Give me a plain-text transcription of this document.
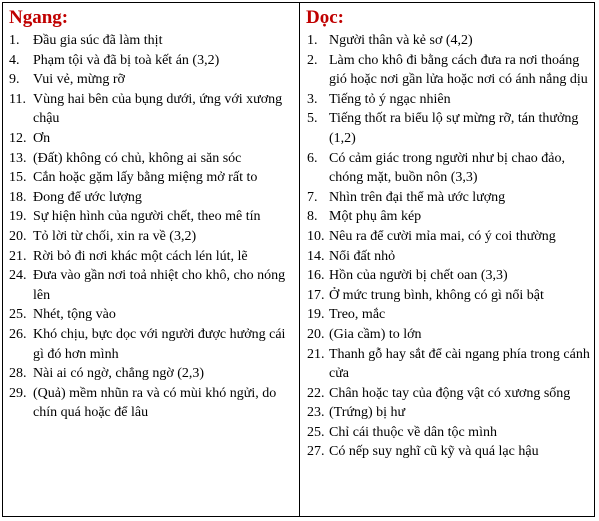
Ngang:
1. Đầu gia súc đã làm thịt
4. Phạm tội và đã bị toà kết án (3,2)
9. Vui vẻ, mừng rỡ
11. Vùng hai bên của bụng dưới, ứng với xương chậu
12. Ơn
13. (Đất) không có chủ, không ai săn sóc
15. Cắn hoặc gặm lấy bằng miệng mở rất to
18. Đong để ước lượng
19. Sự hiện hình của người chết, theo mê tín
20. Tỏ lời từ chối, xin ra về (3,2)
21. Rời bỏ đi nơi khác một cách lén lút, lẽ
24. Đưa vào gần nơi toả nhiệt cho khô, cho nóng lên
25. Nhét, tộng vào
26. Khó chịu, bực dọc với người được hưởng cái gì đó hơn mình
28. Nài ai có ngờ, chẳng ngờ (2,3)
29. (Quả) mềm nhũn ra và có mùi khó ngửi, do chín quá hoặc để lâu
Dọc:
1. Người thân và kẻ sơ (4,2)
2. Làm cho khô đi bằng cách đưa ra nơi thoáng gió hoặc nơi gần lửa hoặc nơi có ánh nắng dịu
3. Tiếng tỏ ý ngạc nhiên
5. Tiếng thốt ra biểu lộ sự mừng rỡ, tán thưởng (1,2)
6. Có cảm giác trong người như bị chao đảo, chóng mặt, buồn nôn (3,3)
7. Nhìn trên đại thể mà ước lượng
8. Một phụ âm kép
10. Nêu ra để cười mỉa mai, có ý coi thường
14. Nổi đất nhỏ
16. Hồn của người bị chết oan (3,3)
17. Ở mức trung bình, không có gì nổi bật
19. Treo, mắc
20. (Gia cầm) to lớn
21. Thanh gỗ hay sắt để cài ngang phía trong cánh cửa
22. Chân hoặc tay của động vật có xương sống
23. (Trứng) bị hư
25. Chỉ cái thuộc về dân tộc mình
27. Có nếp suy nghĩ cũ kỹ và quá lạc hậu
